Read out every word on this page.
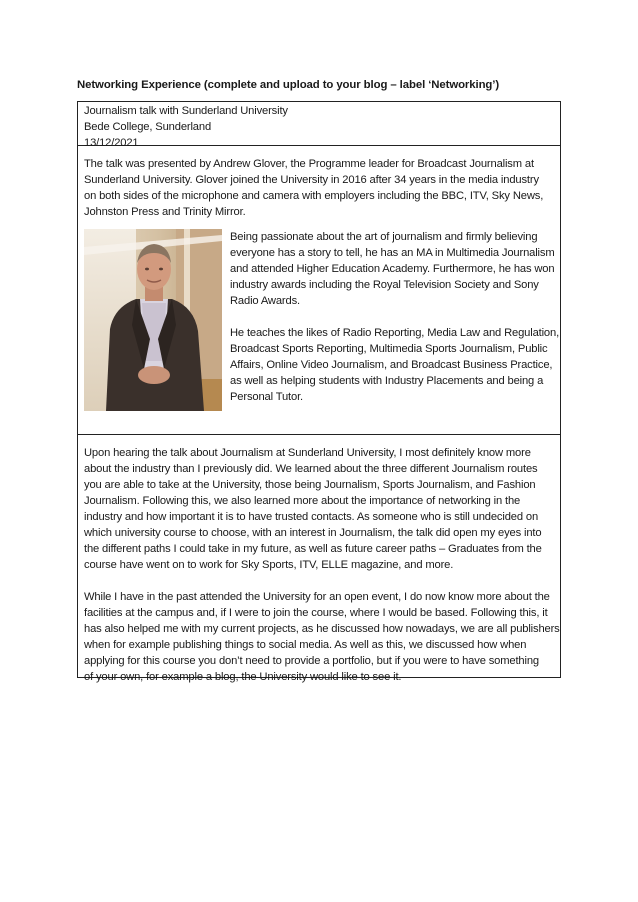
Networking Experience (complete and upload to your blog – label ‘Networking’)
Journalism talk with Sunderland University
Bede College, Sunderland
13/12/2021
The talk was presented by Andrew Glover, the Programme leader for Broadcast Journalism at
Sunderland University. Glover joined the University in 2016 after 34 years in the media industry
on both sides of the microphone and camera with employers including the BBC, ITV, Sky News,
Johnston Press and Trinity Mirror.
Being passionate about the art of journalism and firmly believing
everyone has a story to tell, he has an MA in Multimedia Journalism
and attended Higher Education Academy. Furthermore, he has won
industry awards including the Royal Television Society and Sony
Radio Awards.
He teaches the likes of Radio Reporting, Media Law and Regulation,
Broadcast Sports Reporting, Multimedia Sports Journalism, Public
Affairs, Online Video Journalism, and Broadcast Business Practice,
as well as helping students with Industry Placements and being a
Personal Tutor.
Upon hearing the talk about Journalism at Sunderland University, I most definitely know more
about the industry than I previously did. We learned about the three different Journalism routes
you are able to take at the University, those being Journalism, Sports Journalism, and Fashion
Journalism. Following this, we also learned more about the importance of networking in the
industry and how important it is to have trusted contacts. As someone who is still undecided on
which university course to choose, with an interest in Journalism, the talk did open my eyes into
the different paths I could take in my future, as well as future career paths – Graduates from the
course have went on to work for Sky Sports, ITV, ELLE magazine, and more.
While I have in the past attended the University for an open event, I do now know more about the
facilities at the campus and, if I were to join the course, where I would be based. Following this, it
has also helped me with my current projects, as he discussed how nowadays, we are all publishers
when for example publishing things to social media. As well as this, we discussed how when
applying for this course you don’t need to provide a portfolio, but if you were to have something
of your own, for example a blog, the University would like to see it.
